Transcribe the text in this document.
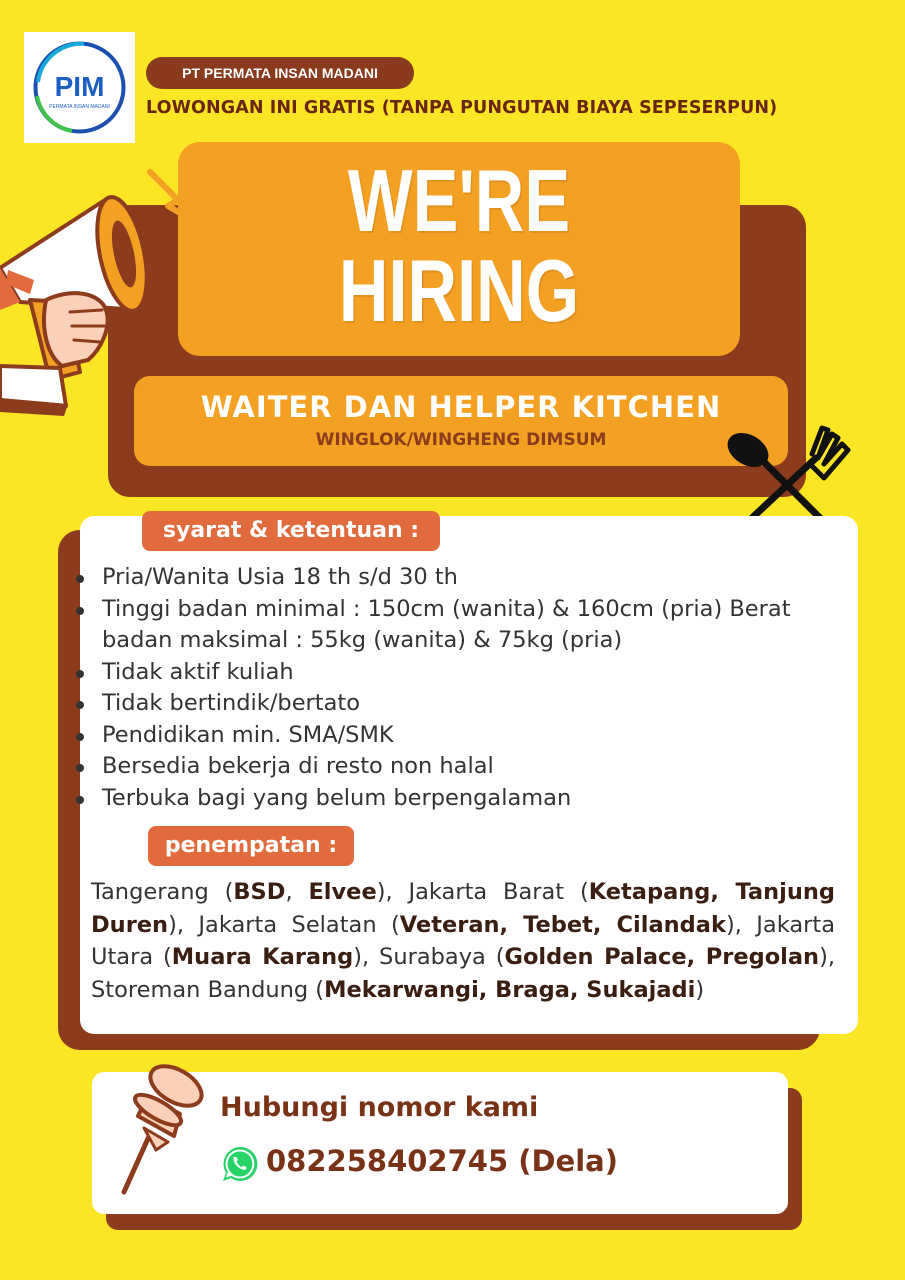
PIM
PERMATA INSAN MADANI
PT PERMATA INSAN MADANI
LOWONGAN INI GRATIS (TANPA PUNGUTAN BIAYA SEPESERPUN)
WE'RE
HIRING
WAITER DAN HELPER KITCHEN
WINGLOK/WINGHENG DIMSUM
syarat & ketentuan :
Pria/Wanita Usia 18 th s/d 30 th
Tinggi badan minimal : 150cm (wanita) & 160cm (pria) Berat badan maksimal : 55kg (wanita) & 75kg (pria)
Tidak aktif kuliah
Tidak bertindik/bertato
Pendidikan min. SMA/SMK
Bersedia bekerja di resto non halal
Terbuka bagi yang belum berpengalaman
penempatan :
Tangerang (BSD, Elvee), Jakarta Barat (Ketapang, Tanjung Duren), Jakarta Selatan (Veteran, Tebet, Cilandak), Jakarta Utara (Muara Karang), Surabaya (Golden Palace, Pregolan), Storeman Bandung (Mekarwangi, Braga, Sukajadi)
Hubungi nomor kami
082258402745 (Dela)
